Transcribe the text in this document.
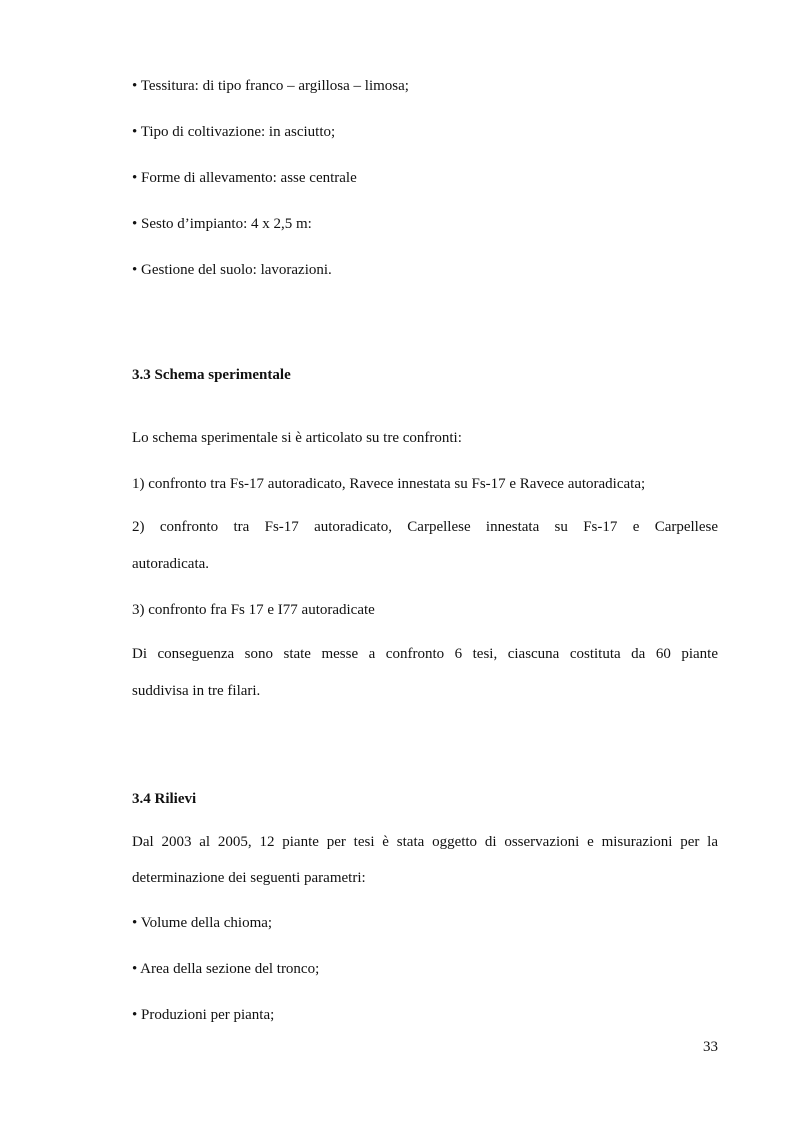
• Tessitura: di tipo franco – argillosa – limosa;
• Tipo di coltivazione: in asciutto;
• Forme di allevamento: asse centrale
• Sesto d’impianto: 4 x 2,5 m:
• Gestione del suolo: lavorazioni.
3.3 Schema sperimentale
Lo schema sperimentale si è articolato su tre confronti:
1) confronto tra Fs-17 autoradicato, Ravece innestata su Fs-17 e Ravece autoradicata;
2) confronto tra Fs-17 autoradicato, Carpellese innestata su Fs-17 e Carpellese
autoradicata.
3) confronto fra Fs 17 e I77 autoradicate
Di conseguenza sono state messe a confronto 6 tesi, ciascuna costituta da 60 piante
suddivisa in tre filari.
3.4 Rilievi
Dal 2003 al 2005, 12 piante per tesi è stata oggetto di osservazioni e misurazioni per la
determinazione dei seguenti parametri:
• Volume della chioma;
• Area della sezione del tronco;
• Produzioni per pianta;
33
